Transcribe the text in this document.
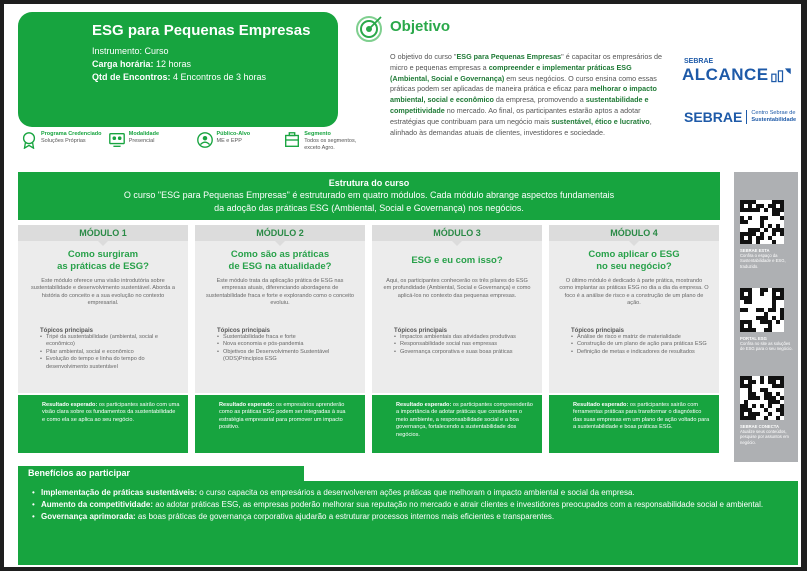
ESG para Pequenas Empresas
Instrumento: Curso
Carga horária: 12 horas
Qtd de Encontros: 4 Encontros de 3 horas
Programa Credenciado
Soluções Próprias
Modalidade
Presencial
Público-Alvo
ME e EPP
Segmento
Todos os segmentos, exceto Agro.
Objetivo

O objetivo do curso "ESG para Pequenas Empresas" é capacitar os empresários de micro e pequenas empresas a compreender e implementar práticas ESG (Ambiental, Social e Governança) em seus negócios. O curso ensina como essas práticas podem ser aplicadas de maneira prática e eficaz para melhorar o impacto ambiental, social e econômico da empresa, promovendo a sustentabilidade e competitividade no mercado. Ao final, os participantes estarão aptos a adotar estratégias que contribuam para um negócio mais sustentável, ético e lucrativo, alinhado às demandas atuais de clientes, investidores e sociedade.

SEBRAE
ALCANCE
SEBRAE Centro Sebrae de
Sustentabilidade
Estrutura do curso
O curso "ESG para Pequenas Empresas" é estruturado em quatro módulos. Cada módulo abrange aspectos fundamentais
da adoção das práticas ESG (Ambiental, Social e Governança) nos negócios.
MÓDULO 1
Como surgiram
as práticas de ESG?
Este módulo oferece uma visão introdutória sobre sustentabilidade e desenvolvimento sustentável. Aborda a história do conceito e a sua evolução no contexto empresarial.
Tópicos principais
• Tripé da sustentabilidade (ambiental, social e econômico)
• Pilar ambiental, social e econômico
• Evolução do tempo e linha do tempo do desenvolvimento sustentável
Resultado esperado: os participantes sairão com uma visão clara sobre os fundamentos da sustentabilidade e como ela se aplica ao seu negócio.
MÓDULO 2
Como são as práticas
de ESG na atualidade?
Este módulo trata da aplicação prática de ESG nas empresas atuais, diferenciando abordagens de sustentabilidade fraca e forte e explorando como o conceito evoluiu.
Tópicos principais
• Sustentabilidade fraca e forte
• Nova economia e pós-pandemia
• Objetivos de Desenvolvimento Sustentável (ODS)Princípios ESG
Resultado esperado: os empresários aprenderão como as práticas ESG podem ser integradas à sua estratégia empresarial para promover um impacto positivo.
MÓDULO 3
ESG e eu com isso?
Aqui, os participantes conhecerão os três pilares do ESG em profundidade (Ambiental, Social e Governança) e como aplicá-los no contexto das pequenas empresas.
Tópicos principais
• Impactos ambientais das atividades produtivas
• Responsabilidade social nas empresas
• Governança corporativa e suas boas práticas
Resultado esperado: os participantes compreenderão a importância de adotar práticas que considerem o meio ambiente, a responsabilidade social e a boa governança, fortalecendo a sustentabilidade dos negócios.
MÓDULO 4
Como aplicar o ESG
no seu negócio?
O último módulo é dedicado à parte prática, mostrando como implantar as práticas ESG no dia a dia da empresa. O foco é a análise de risco e a construção de um plano de ação.
Tópicos principais
• Análise de risco e matriz de materialidade
• Construção de um plano de ação para práticas ESG
• Definição de metas e indicadores de resultados
Resultado esperado: os participantes sairão com ferramentas práticas para transformar o diagnóstico das suas empresas em um plano de ação voltado para a sustentabilidade e boas práticas ESG.
SEBRAE ESTA
Confira o espaço da Sustentabilidade e ESG, traduzido.
PORTAL ESG
Confira no site as soluções de ESG para o seu negócio.
SEBRAE CONECTA
Atualize seus conteúdos, pesquise por assuntos em negócio.
Benefícios ao participar
• Implementação de práticas sustentáveis: o curso capacita os empresários a desenvolverem ações práticas que melhoram o impacto ambiental e social da empresa.
• Aumento da competitividade: ao adotar práticas ESG, as empresas poderão melhorar sua reputação no mercado e atrair clientes e investidores preocupados com a responsabilidade social e ambiental.
• Governança aprimorada: as boas práticas de governança corporativa ajudarão a estruturar processos internos mais eficientes e transparentes.
